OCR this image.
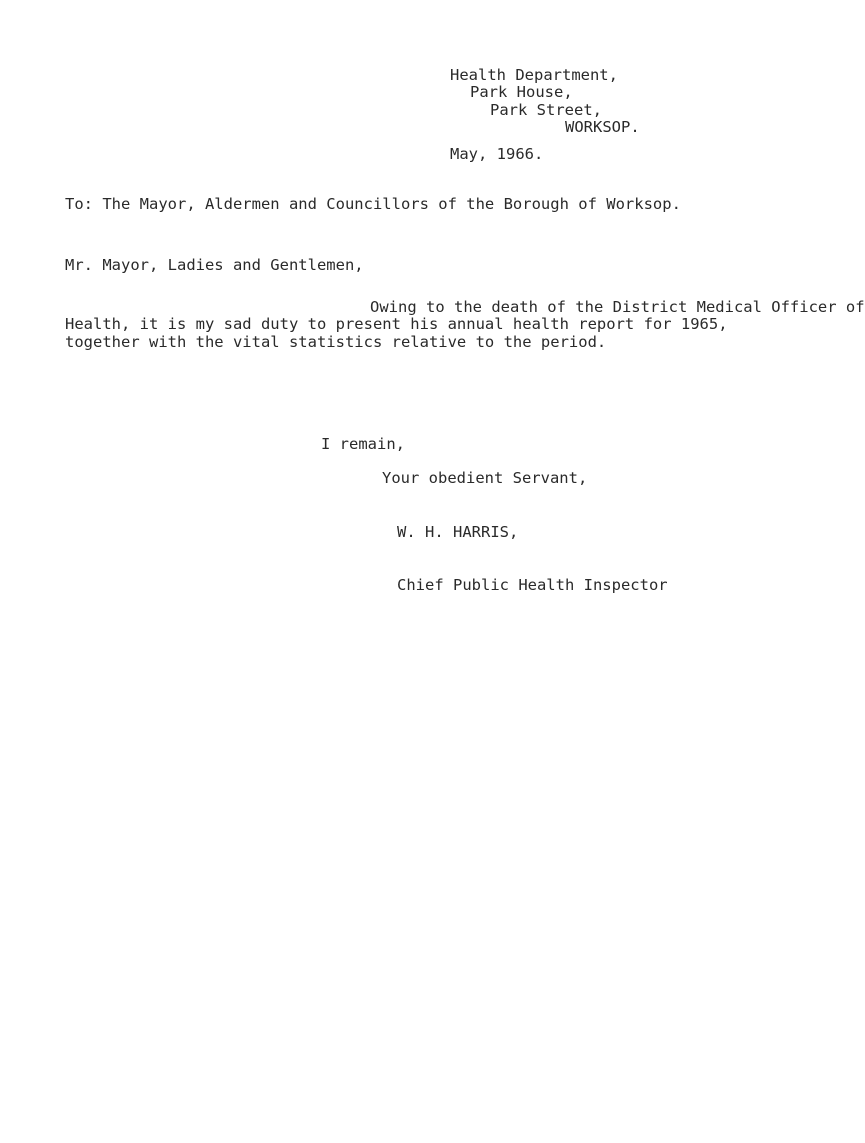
Health Department,
Park House,
Park Street,
WORKSOP.
May, 1966.
To: The Mayor, Aldermen and Councillors of the Borough of Worksop.
Mr. Mayor, Ladies and Gentlemen,
Owing to the death of the District Medical Officer of
Health, it is my sad duty to present his annual health report for 1965,
together with the vital statistics relative to the period.
I remain,
Your obedient Servant,
W. H. HARRIS,
Chief Public Health Inspector
